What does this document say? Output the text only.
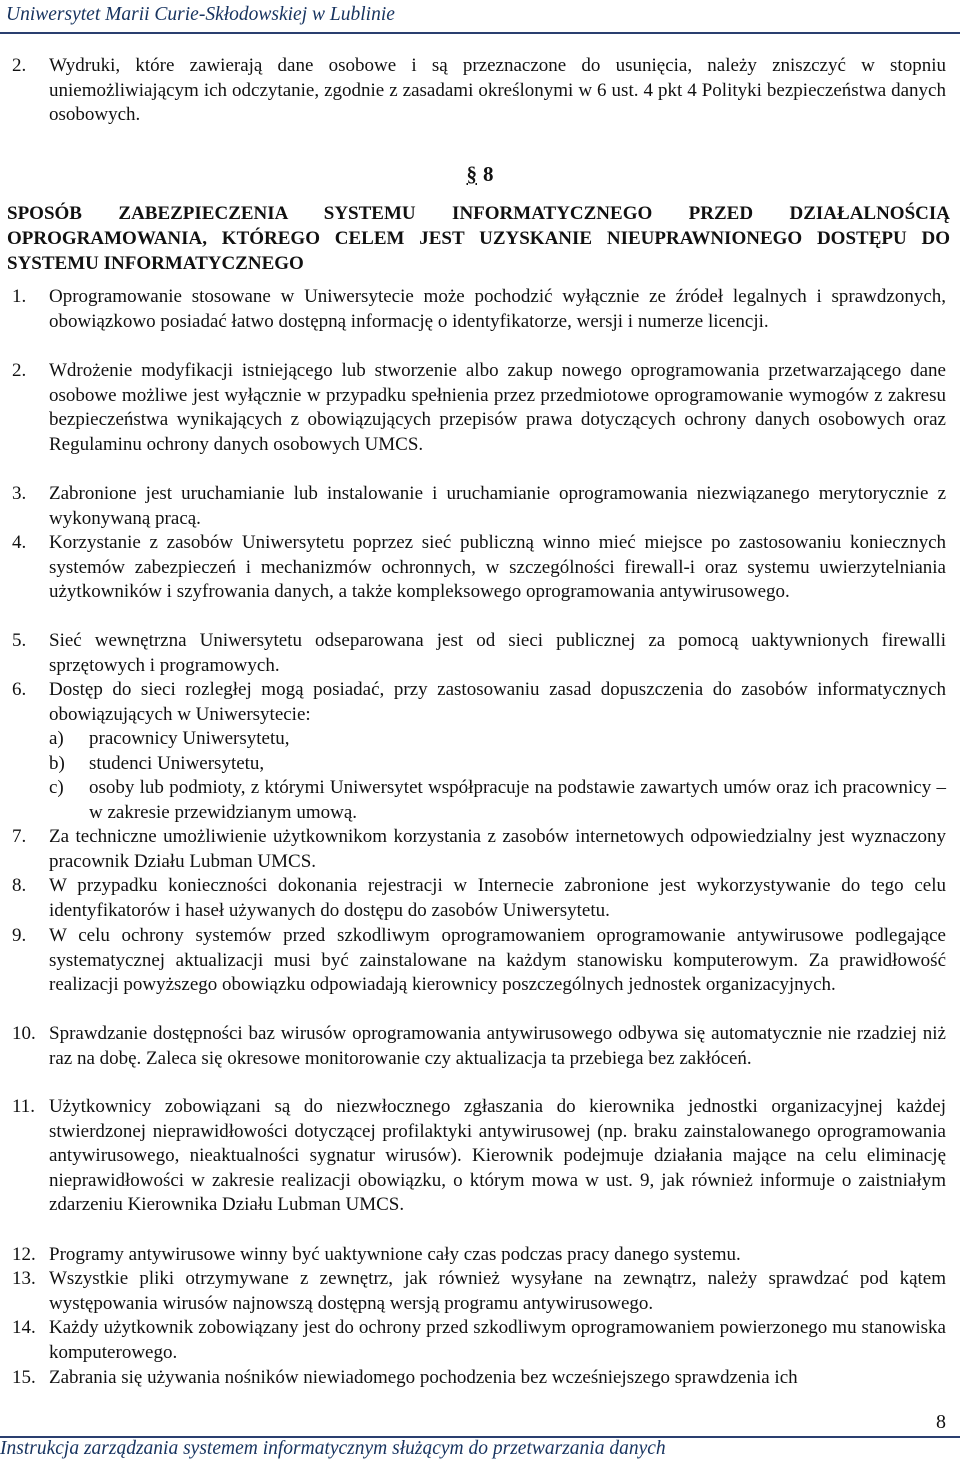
Uniwersytet Marii Curie-Skłodowskiej w Lublinie
2. Wydruki, które zawierają dane osobowe i są przeznaczone do usunięcia, należy zniszczyć w stopniu uniemożliwiającym ich odczytanie, zgodnie z zasadami określonymi w 6 ust. 4 pkt 4 Polityki bezpieczeństwa danych osobowych.
§ 8
SPOSÓB ZABEZPIECZENIA SYSTEMU INFORMATYCZNEGO PRZED DZIAŁALNOŚCIĄ OPROGRAMOWANIA, KTÓREGO CELEM JEST UZYSKANIE NIEUPRAWNIONEGO DOSTĘPU DO SYSTEMU INFORMATYCZNEGO
1. Oprogramowanie stosowane w Uniwersytecie może pochodzić wyłącznie ze źródeł legalnych i sprawdzonych, obowiązkowo posiadać łatwo dostępną informację o identyfikatorze, wersji i numerze licencji.
2. Wdrożenie modyfikacji istniejącego lub stworzenie albo zakup nowego oprogramowania przetwarzającego dane osobowe możliwe jest wyłącznie w przypadku spełnienia przez przedmiotowe oprogramowanie wymogów z zakresu bezpieczeństwa wynikających z obowiązujących przepisów prawa dotyczących ochrony danych osobowych oraz Regulaminu ochrony danych osobowych UMCS.
3. Zabronione jest uruchamianie lub instalowanie i uruchamianie oprogramowania niezwiązanego merytorycznie z wykonywaną pracą.
4. Korzystanie z zasobów Uniwersytetu poprzez sieć publiczną winno mieć miejsce po zastosowaniu koniecznych systemów zabezpieczeń i mechanizmów ochronnych, w szczególności firewall-i oraz systemu uwierzytelniania użytkowników i szyfrowania danych, a także kompleksowego oprogramowania antywirusowego.
5. Sieć wewnętrzna Uniwersytetu odseparowana jest od sieci publicznej za pomocą uaktywnionych firewalli sprzętowych i programowych.
6. Dostęp do sieci rozległej mogą posiadać, przy zastosowaniu zasad dopuszczenia do zasobów informatycznych obowiązujących w Uniwersytecie:
a) pracownicy Uniwersytetu,
b) studenci Uniwersytetu,
c) osoby lub podmioty, z którymi Uniwersytet współpracuje na podstawie zawartych umów oraz ich pracownicy – w zakresie przewidzianym umową.
7. Za techniczne umożliwienie użytkownikom korzystania z zasobów internetowych odpowiedzialny jest wyznaczony pracownik Działu Lubman UMCS.
8. W przypadku konieczności dokonania rejestracji w Internecie zabronione jest wykorzystywanie do tego celu identyfikatorów i haseł używanych do dostępu do zasobów Uniwersytetu.
9. W celu ochrony systemów przed szkodliwym oprogramowaniem oprogramowanie antywirusowe podlegające systematycznej aktualizacji musi być zainstalowane na każdym stanowisku komputerowym. Za prawidłowość realizacji powyższego obowiązku odpowiadają kierownicy poszczególnych jednostek organizacyjnych.
10. Sprawdzanie dostępności baz wirusów oprogramowania antywirusowego odbywa się automatycznie nie rzadziej niż raz na dobę. Zaleca się okresowe monitorowanie czy aktualizacja ta przebiega bez zakłóceń.
11. Użytkownicy zobowiązani są do niezwłocznego zgłaszania do kierownika jednostki organizacyjnej każdej stwierdzonej nieprawidłowości dotyczącej profilaktyki antywirusowej (np. braku zainstalowanego oprogramowania antywirusowego, nieaktualności sygnatur wirusów). Kierownik podejmuje działania mające na celu eliminację nieprawidłowości w zakresie realizacji obowiązku, o którym mowa w ust. 9, jak również informuje o zaistniałym zdarzeniu Kierownika Działu Lubman UMCS.
12. Programy antywirusowe winny być uaktywnione cały czas podczas pracy danego systemu.
13. Wszystkie pliki otrzymywane z zewnętrz, jak również wysyłane na zewnątrz, należy sprawdzać pod kątem występowania wirusów najnowszą dostępną wersją programu antywirusowego.
14. Każdy użytkownik zobowiązany jest do ochrony przed szkodliwym oprogramowaniem powierzonego mu stanowiska komputerowego.
15. Zabrania się używania nośników niewiadomego pochodzenia bez wcześniejszego sprawdzenia ich
8
Instrukcja zarządzania systemem informatycznym służącym do przetwarzania danych
